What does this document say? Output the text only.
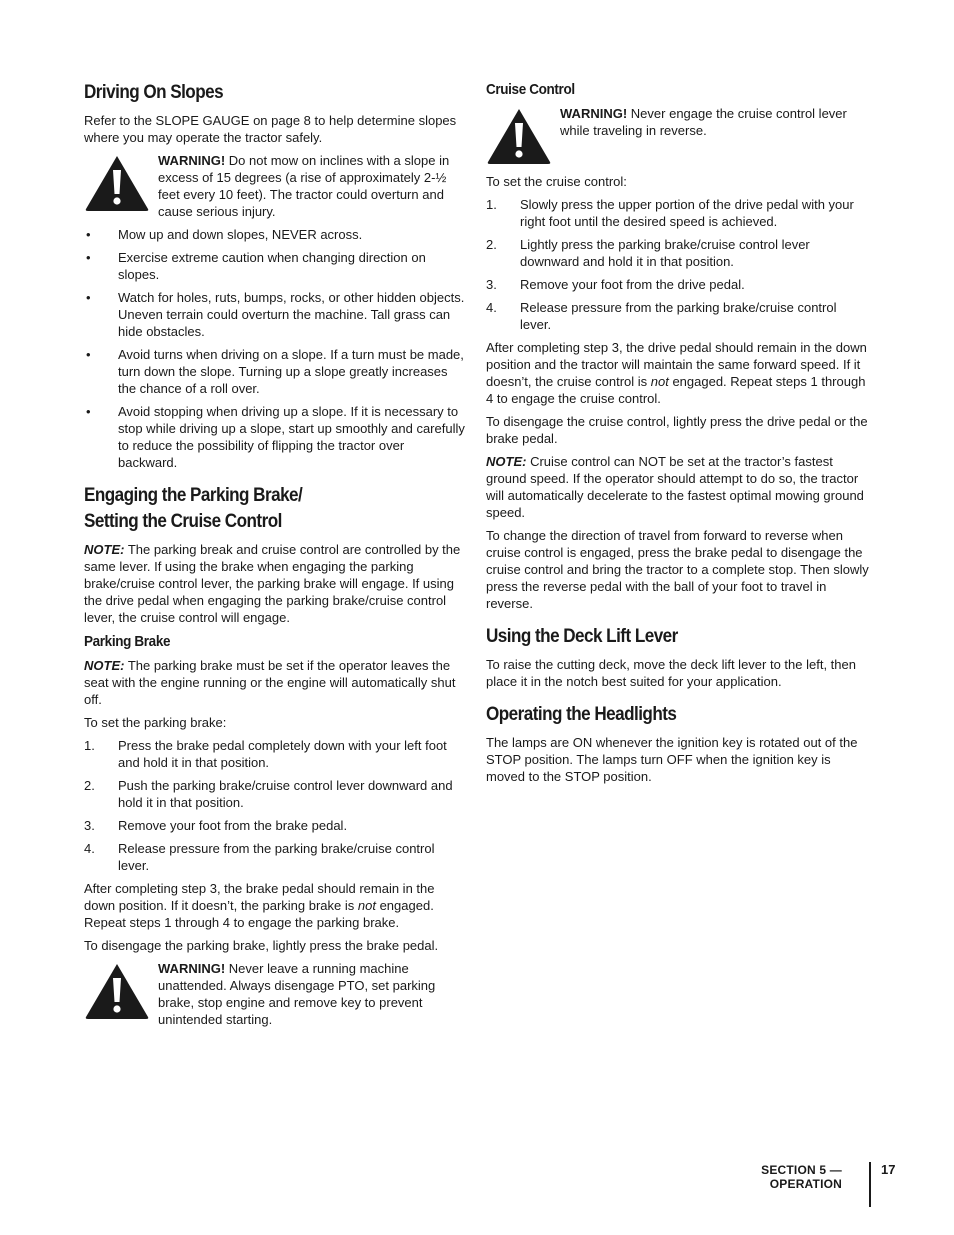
Driving On Slopes

Refer to the SLOPE GAUGE on page 8 to help determine slopes where you may operate the tractor safely.

WARNING! Do not mow on inclines with a slope in excess of 15 degrees (a rise of approximately 2-½ feet every 10 feet). The tractor could overturn and cause serious injury.

• Mow up and down slopes, NEVER across.
• Exercise extreme caution when changing direction on slopes.
• Watch for holes, ruts, bumps, rocks, or other hidden objects. Uneven terrain could overturn the machine. Tall grass can hide obstacles.
• Avoid turns when driving on a slope. If a turn must be made, turn down the slope. Turning up a slope greatly increases the chance of a roll over.
• Avoid stopping when driving up a slope. If it is necessary to stop while driving up a slope, start up smoothly and carefully to reduce the possibility of flipping the tractor over backward.
Engaging the Parking Brake/
Setting the Cruise Control

NOTE: The parking break and cruise control are controlled by the same lever. If using the brake when engaging the parking brake/cruise control lever, the parking brake will engage. If using the drive pedal when engaging the parking brake/cruise control lever, the cruise control will engage.

Parking Brake

NOTE: The parking brake must be set if the operator leaves the seat with the engine running or the engine will automatically shut off.

To set the parking brake:

1. Press the brake pedal completely down with your left foot and hold it in that position.
2. Push the parking brake/cruise control lever downward and hold it in that position.
3. Remove your foot from the brake pedal.
4. Release pressure from the parking brake/cruise control lever.

After completing step 3, the brake pedal should remain in the down position. If it doesn’t, the parking brake is not engaged. Repeat steps 1 through 4 to engage the parking brake.

To disengage the parking brake, lightly press the brake pedal.

WARNING! Never leave a running machine unattended. Always disengage PTO, set parking brake, stop engine and remove key to prevent unintended starting.

Cruise Control

WARNING! Never engage the cruise control lever while traveling in reverse.

To set the cruise control:

1. Slowly press the upper portion of the drive pedal with your right foot until the desired speed is achieved.
2. Lightly press the parking brake/cruise control lever downward and hold it in that position.
3. Remove your foot from the drive pedal.
4. Release pressure from the parking brake/cruise control lever.

After completing step 3, the drive pedal should remain in the down position and the tractor will maintain the same forward speed. If it doesn’t, the cruise control is not engaged. Repeat steps 1 through 4 to engage the cruise control.

To disengage the cruise control, lightly press the drive pedal or the brake pedal.

NOTE: Cruise control can NOT be set at the tractor’s fastest ground speed. If the operator should attempt to do so, the tractor will automatically decelerate to the fastest optimal mowing ground speed.

To change the direction of travel from forward to reverse when cruise control is engaged, press the brake pedal to disengage the cruise control and bring the tractor to a complete stop. Then slowly press the reverse pedal with the ball of your foot to travel in reverse.

Using the Deck Lift Lever

To raise the cutting deck, move the deck lift lever to the left, then place it in the notch best suited for your application.

Operating the Headlights

The lamps are ON whenever the ignition key is rotated out of the STOP position. The lamps turn OFF when the ignition key is moved to the STOP position.

SECTION 5 — OPERATION
17
